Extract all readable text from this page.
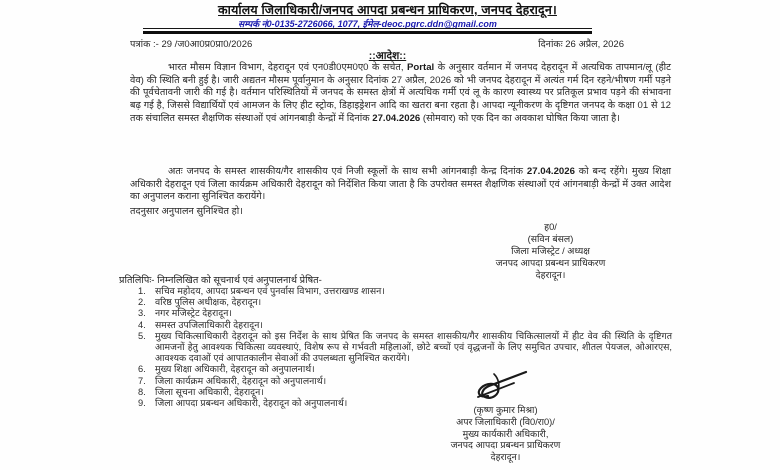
कार्यालय जिलाधिकारी/जनपद आपदा प्रबन्धन प्राधिकरण, जनपद देहरादून।
सम्पर्क नं0-0135-2726066, 1077, ईमेल-deoc.pgrc.ddn@gmail.com
पत्रांक :- 29 /ज0आ0प्र0प्रा0/2026	दिनांकः 26 अप्रैल, 2026
::आदेश::

भारत मौसम विज्ञान विभाग, देहरादून एवं एन0डी0एम0ए0 के सचेत, Portal के अनुसार वर्तमान में जनपद देहरादून में अत्यधिक तापमान/लू (हीट वेव) की स्थिति बनी हुई है। जारी अद्यतन मौसम पूर्वानुमान के अनुसार दिनांक 27 अप्रैल, 2026 को भी जनपद देहरादून में अत्यंत गर्म दिन रहने/भीषण गर्मी पड़ने की पूर्वचेतावनी जारी की गई है। वर्तमान परिस्थितियों में जनपद के समस्त क्षेत्रों में अत्यधिक गर्मी एवं लू के कारण स्वास्थ्य पर प्रतिकूल प्रभाव पड़ने की संभावना बढ़ गई है, जिससे विद्यार्थियों एवं आमजन के लिए हीट स्ट्रोक, डिहाइड्रेशन आदि का खतरा बना रहता है। आपदा न्यूनीकरण के दृष्टिगत जनपद के कक्षा 01 से 12 तक संचालित समस्त शैक्षणिक संस्थाओं एवं आंगनबाड़ी केन्द्रों में दिनांक 27.04.2026 (सोमवार) को एक दिन का अवकाश घोषित किया जाता है।

अतः जनपद के समस्त शासकीय/गैर शासकीय एवं निजी स्कूलों के साथ सभी आंगनबाड़ी केन्द्र दिनांक 27.04.2026 को बन्द रहेंगे। मुख्य शिक्षा अधिकारी देहरादून एवं जिला कार्यक्रम अधिकारी देहरादून को निर्देशित किया जाता है कि उपरोक्त समस्त शैक्षणिक संस्थाओं एवं आंगनबाड़ी केन्द्रों में उक्त आदेश का अनुपालन कराना सुनिश्चित करायेंगे।

तदनुसार अनुपालन सुनिश्चित हो।
ह0/
(सविन बंसल)
जिला मजिस्ट्रेट / अध्यक्ष
जनपद आपदा प्रबन्धन प्राधिकरण
देहरादून।
प्रतिलिपिः- निम्नलिखित को सूचनार्थ एवं अनुपालनार्थ प्रेषित-
1. सचिव महोदय, आपदा प्रबन्धन एवं पुनर्वास विभाग, उत्तराखण्ड शासन।
2. वरिष्ठ पुलिस अधीक्षक, देहरादून।
3. नगर मजिस्ट्रेट देहरादून।
4. समस्त उपजिलाधिकारी देहरादून।
5. मुख्य चिकित्साधिकारी देहरादून को इस निर्देश के साथ प्रेषित कि जनपद के समस्त शासकीय/गैर शासकीय चिकित्सालयों में हीट वेव की स्थिति के दृष्टिगत आमजनों हेतु आवश्यक चिकित्सा व्यवस्थाएं, विशेष रूप से गर्भवती महिलाओं, छोटे बच्चों एवं वृद्धजनों के लिए समुचित उपचार, शीतल पेयजल, ओआरएस, आवश्यक दवाओं एवं आपातकालीन सेवाओं की उपलब्धता सुनिश्चित करायेंगे।
6. मुख्य शिक्षा अधिकारी, देहरादून को अनुपालनार्थ।
7. जिला कार्यक्रम अधिकारी, देहरादून को अनुपालनार्थ।
8. जिला सूचना अधिकारी, देहरादून।
9. जिला आपदा प्रबन्धन अधिकारी, देहरादून को अनुपालनार्थ।
(कृष्ण कुमार मिश्रा)
अपर जिलाधिकारी (वि0/रा0)/
मुख्य कार्यकारी अधिकारी,
जनपद आपदा प्रबन्धन प्राधिकरण
देहरादून।
